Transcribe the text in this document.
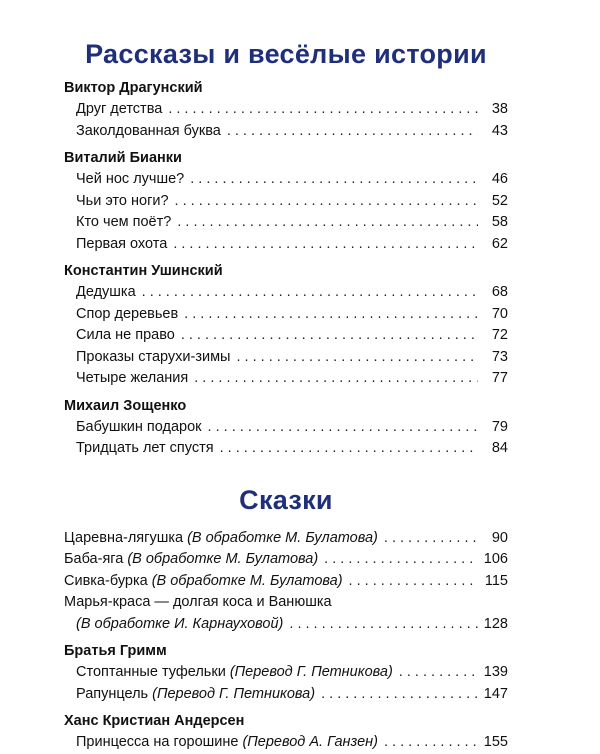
Рассказы и весёлые истории
Виктор Драгунский
Друг детства . . .	38
Заколдованная буква . . .	43
Виталий Бианки
Чей нос лучше? . . .	46
Чьи это ноги? . . .	52
Кто чем поёт? . . .	58
Первая охота . . .	62
Константин Ушинский
Дедушка . . .	68
Спор деревьев . . .	70
Сила не право . . .	72
Проказы старухи-зимы . . .	73
Четыре желания . . .	77
Михаил Зощенко
Бабушкин подарок . . .	79
Тридцать лет спустя . . .	84
Сказки
Царевна-лягушка (В обработке М. Булатова) . . .	90
Баба-яга (В обработке М. Булатова) . . .	106
Сивка-бурка (В обработке М. Булатова) . . .	115
Марья-краса — долгая коса и Ванюшка
(В обработке И. Карнауховой) . . .	128
Братья Гримм
Стоптанные туфельки (Перевод Г. Петникова) . . .	139
Рапунцель (Перевод Г. Петникова) . . .	147
Ханс Кристиан Андерсен
Принцесса на горошине (Перевод А. Ганзен) . . .	155
